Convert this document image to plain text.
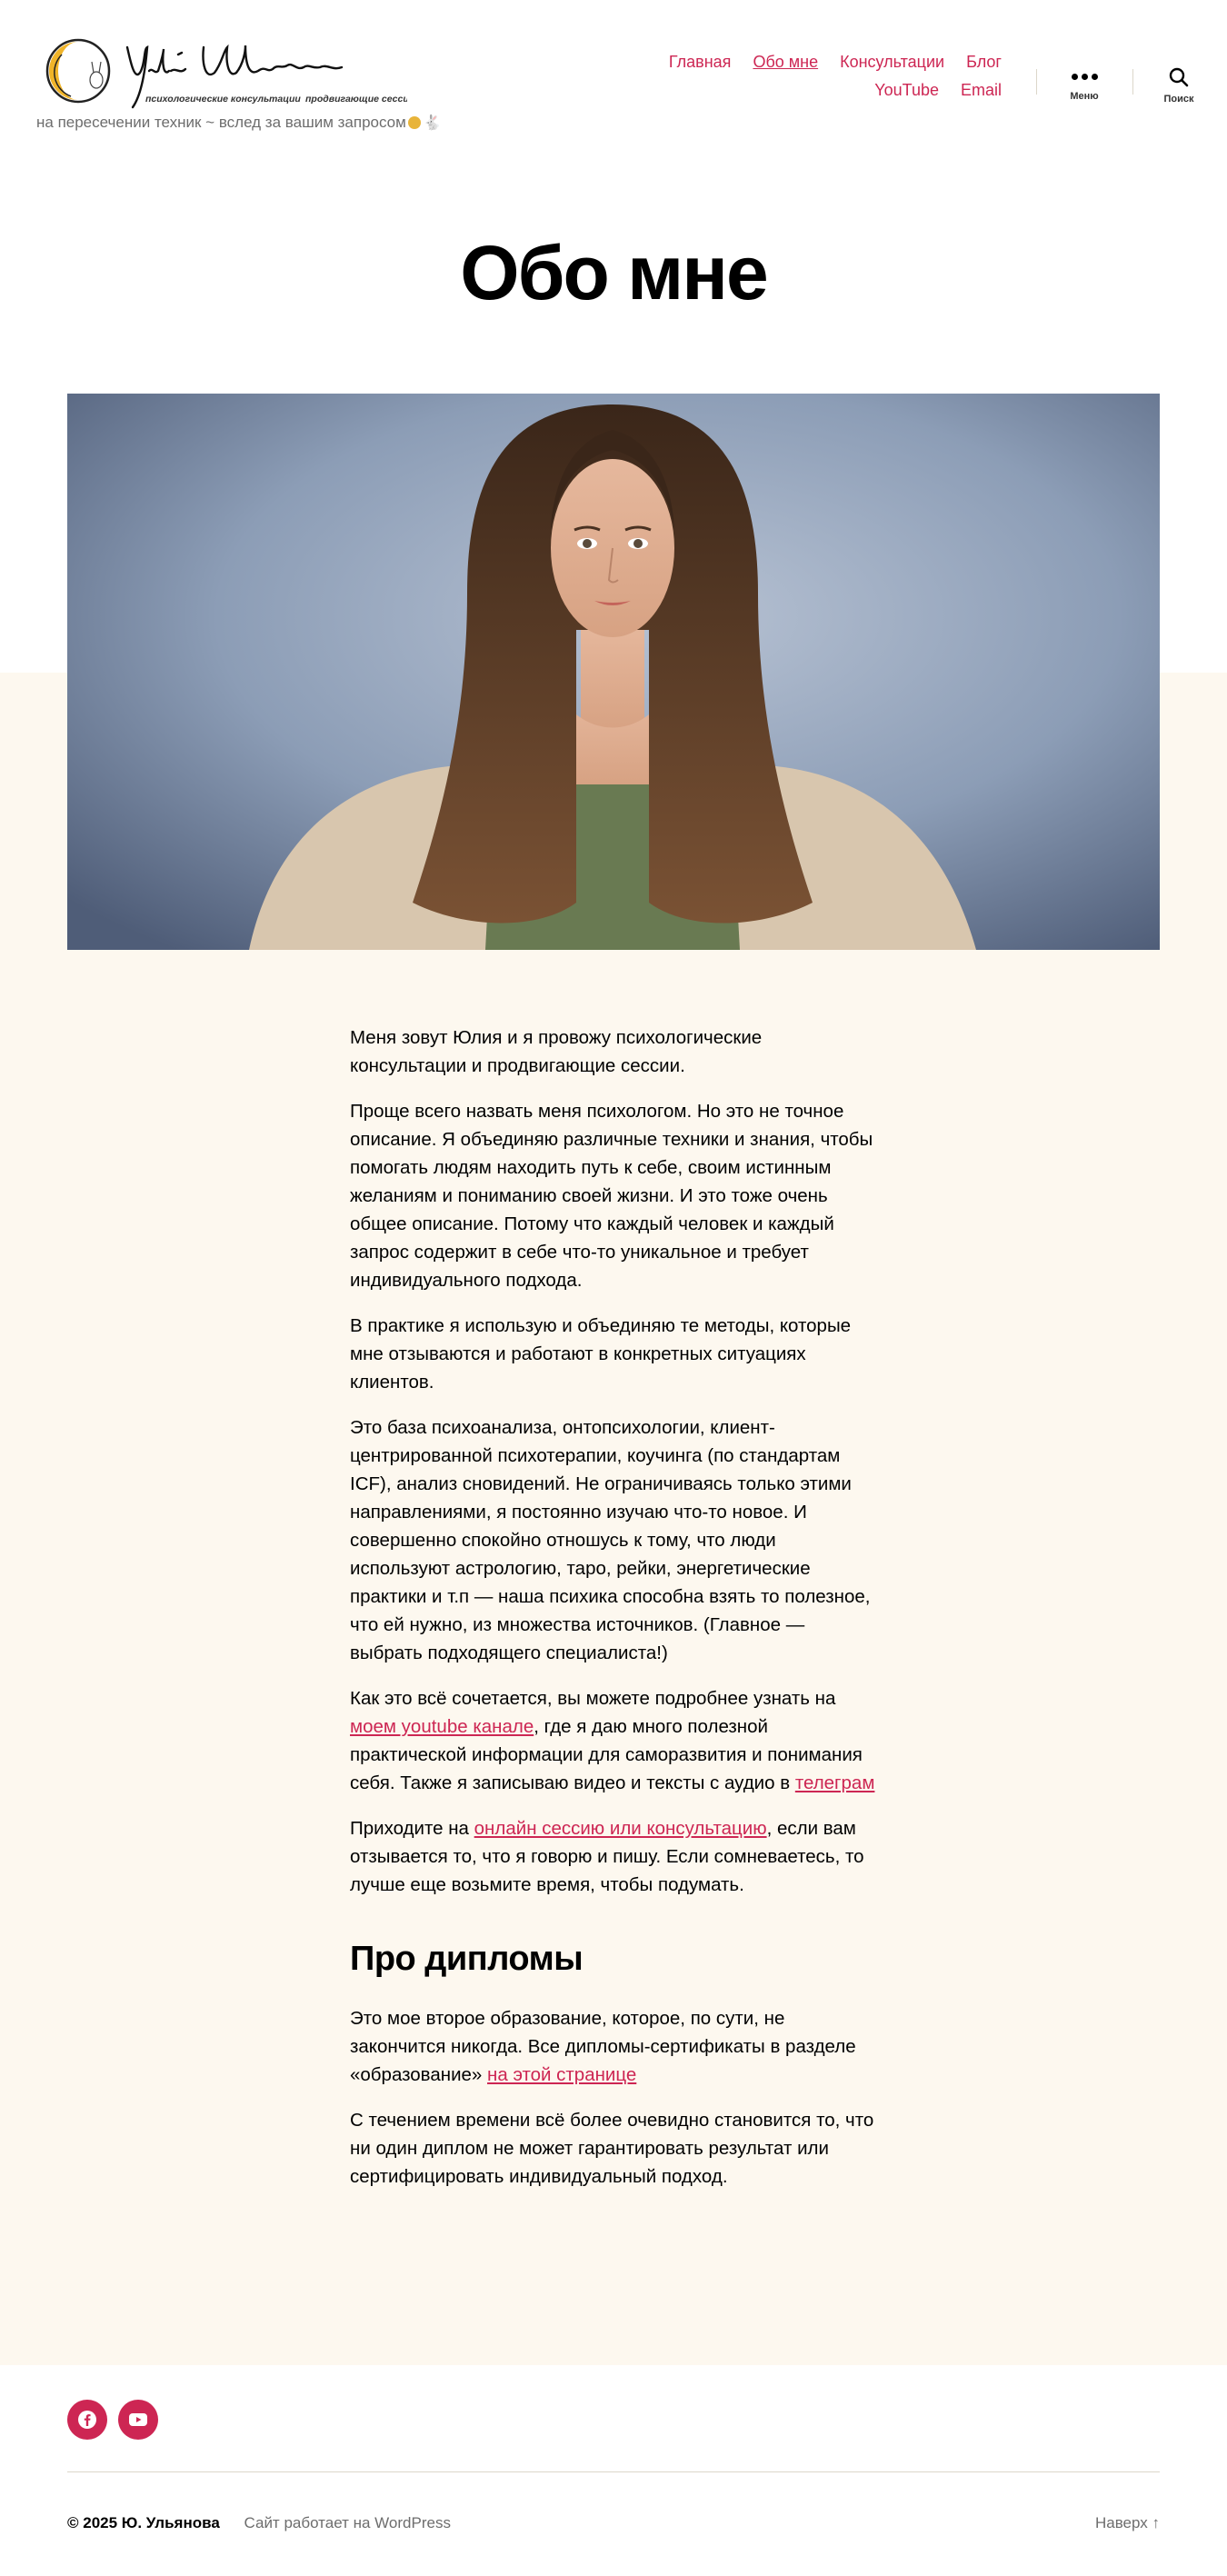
психологические консультации продвигающие сессии
на пересечении техник ~ вслед за вашим запросом 🐇
Главная Обо мне Консультации Блог
YouTube Email	Меню	Поиск
Обо мне

Меня зовут Юлия и я провожу психологические консультации и продвигающие сессии.

Проще всего назвать меня психологом. Но это не точное описание. Я объединяю различные техники и знания, чтобы помогать людям находить путь к себе, своим истинным желаниям и пониманию своей жизни. И это тоже очень общее описание. Потому что каждый человек и каждый запрос содержит в себе что-то уникальное и требует индивидуального подхода.

В практике я использую и объединяю те методы, которые мне отзываются и работают в конкретных ситуациях клиентов.

Это база психоанализа, онтопсихологии, клиент-центрированной психотерапии, коучинга (по стандартам ICF), анализ сновидений. Не ограничиваясь только этими направлениями, я постоянно изучаю что-то новое. И совершенно спокойно отношусь к тому, что люди используют астрологию, таро, рейки, энергетические практики и т.п — наша психика способна взять то полезное, что ей нужно, из множества источников. (Главное — выбрать подходящего специалиста!)

Как это всё сочетается, вы можете подробнее узнать на моем youtube канале, где я даю много полезной практической информации для саморазвития и понимания себя. Также я записываю видео и тексты с аудио в телеграм

Приходите на онлайн сессию или консультацию, если вам отзывается то, что я говорю и пишу. Если сомневаетесь, то лучше еще возьмите время, чтобы подумать.

Про дипломы

Это мое второе образование, которое, по сути, не закончится никогда. Все дипломы-сертификаты в разделе «образование» на этой странице

С течением времени всё более очевидно становится то, что ни один диплом не может гарантировать результат или сертифицировать индивидуальный подход.

© 2025 Ю. Ульянова Сайт работает на WordPress	Наверх ↑
